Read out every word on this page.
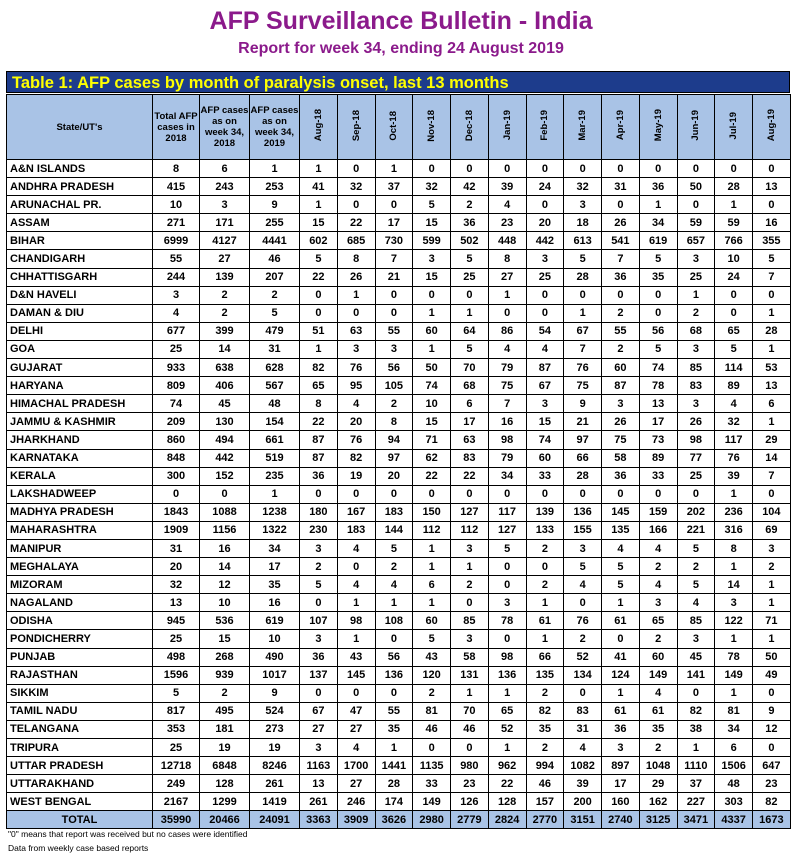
AFP Surveillance Bulletin - India
Report for week 34, ending 24 August 2019
Table 1: AFP cases by month of paralysis onset, last 13 months
State/UT's	Total AFP cases in 2018	AFP cases as on week 34, 2018	AFP cases as on week 34, 2019	Aug-18	Sep-18	Oct-18	Nov-18	Dec-18	Jan-19	Feb-19	Mar-19	Apr-19	May-19	Jun-19	Jul-19	Aug-19
A&N ISLANDS	8	6	1	1	0	1	0	0	0	0	0	0	0	0	0	0
ANDHRA PRADESH	415	243	253	41	32	37	32	42	39	24	32	31	36	50	28	13
ARUNACHAL PR.	10	3	9	1	0	0	5	2	4	0	3	0	1	0	1	0
ASSAM	271	171	255	15	22	17	15	36	23	20	18	26	34	59	59	16
BIHAR	6999	4127	4441	602	685	730	599	502	448	442	613	541	619	657	766	355
CHANDIGARH	55	27	46	5	8	7	3	5	8	3	5	7	5	3	10	5
CHHATTISGARH	244	139	207	22	26	21	15	25	27	25	28	36	35	25	24	7
D&N HAVELI	3	2	2	0	1	0	0	0	1	0	0	0	0	1	0	0
DAMAN & DIU	4	2	5	0	0	0	1	1	0	0	1	2	0	2	0	1
DELHI	677	399	479	51	63	55	60	64	86	54	67	55	56	68	65	28
GOA	25	14	31	1	3	3	1	5	4	4	7	2	5	3	5	1
GUJARAT	933	638	628	82	76	56	50	70	79	87	76	60	74	85	114	53
HARYANA	809	406	567	65	95	105	74	68	75	67	75	87	78	83	89	13
HIMACHAL PRADESH	74	45	48	8	4	2	10	6	7	3	9	3	13	3	4	6
JAMMU & KASHMIR	209	130	154	22	20	8	15	17	16	15	21	26	17	26	32	1
JHARKHAND	860	494	661	87	76	94	71	63	98	74	97	75	73	98	117	29
KARNATAKA	848	442	519	87	82	97	62	83	79	60	66	58	89	77	76	14
KERALA	300	152	235	36	19	20	22	22	34	33	28	36	33	25	39	7
LAKSHADWEEP	0	0	1	0	0	0	0	0	0	0	0	0	0	0	1	0
MADHYA PRADESH	1843	1088	1238	180	167	183	150	127	117	139	136	145	159	202	236	104
MAHARASHTRA	1909	1156	1322	230	183	144	112	112	127	133	155	135	166	221	316	69
MANIPUR	31	16	34	3	4	5	1	3	5	2	3	4	4	5	8	3
MEGHALAYA	20	14	17	2	0	2	1	1	0	0	5	5	2	2	1	2
MIZORAM	32	12	35	5	4	4	6	2	0	2	4	5	4	5	14	1
NAGALAND	13	10	16	0	1	1	1	0	3	1	0	1	3	4	3	1
ODISHA	945	536	619	107	98	108	60	85	78	61	76	61	65	85	122	71
PONDICHERRY	25	15	10	3	1	0	5	3	0	1	2	0	2	3	1	1
PUNJAB	498	268	490	36	43	56	43	58	98	66	52	41	60	45	78	50
RAJASTHAN	1596	939	1017	137	145	136	120	131	136	135	134	124	149	141	149	49
SIKKIM	5	2	9	0	0	0	2	1	1	2	0	1	4	0	1	0
TAMIL NADU	817	495	524	67	47	55	81	70	65	82	83	61	61	82	81	9
TELANGANA	353	181	273	27	27	35	46	46	52	35	31	36	35	38	34	12
TRIPURA	25	19	19	3	4	1	0	0	1	2	4	3	2	1	6	0
UTTAR PRADESH	12718	6848	8246	1163	1700	1441	1135	980	962	994	1082	897	1048	1110	1506	647
UTTARAKHAND	249	128	261	13	27	28	33	23	22	46	39	17	29	37	48	23
WEST BENGAL	2167	1299	1419	261	246	174	149	126	128	157	200	160	162	227	303	82
TOTAL	35990	20466	24091	3363	3909	3626	2980	2779	2824	2770	3151	2740	3125	3471	4337	1673
"0" means that report was received but no cases were identified
Data from weekly case based reports
